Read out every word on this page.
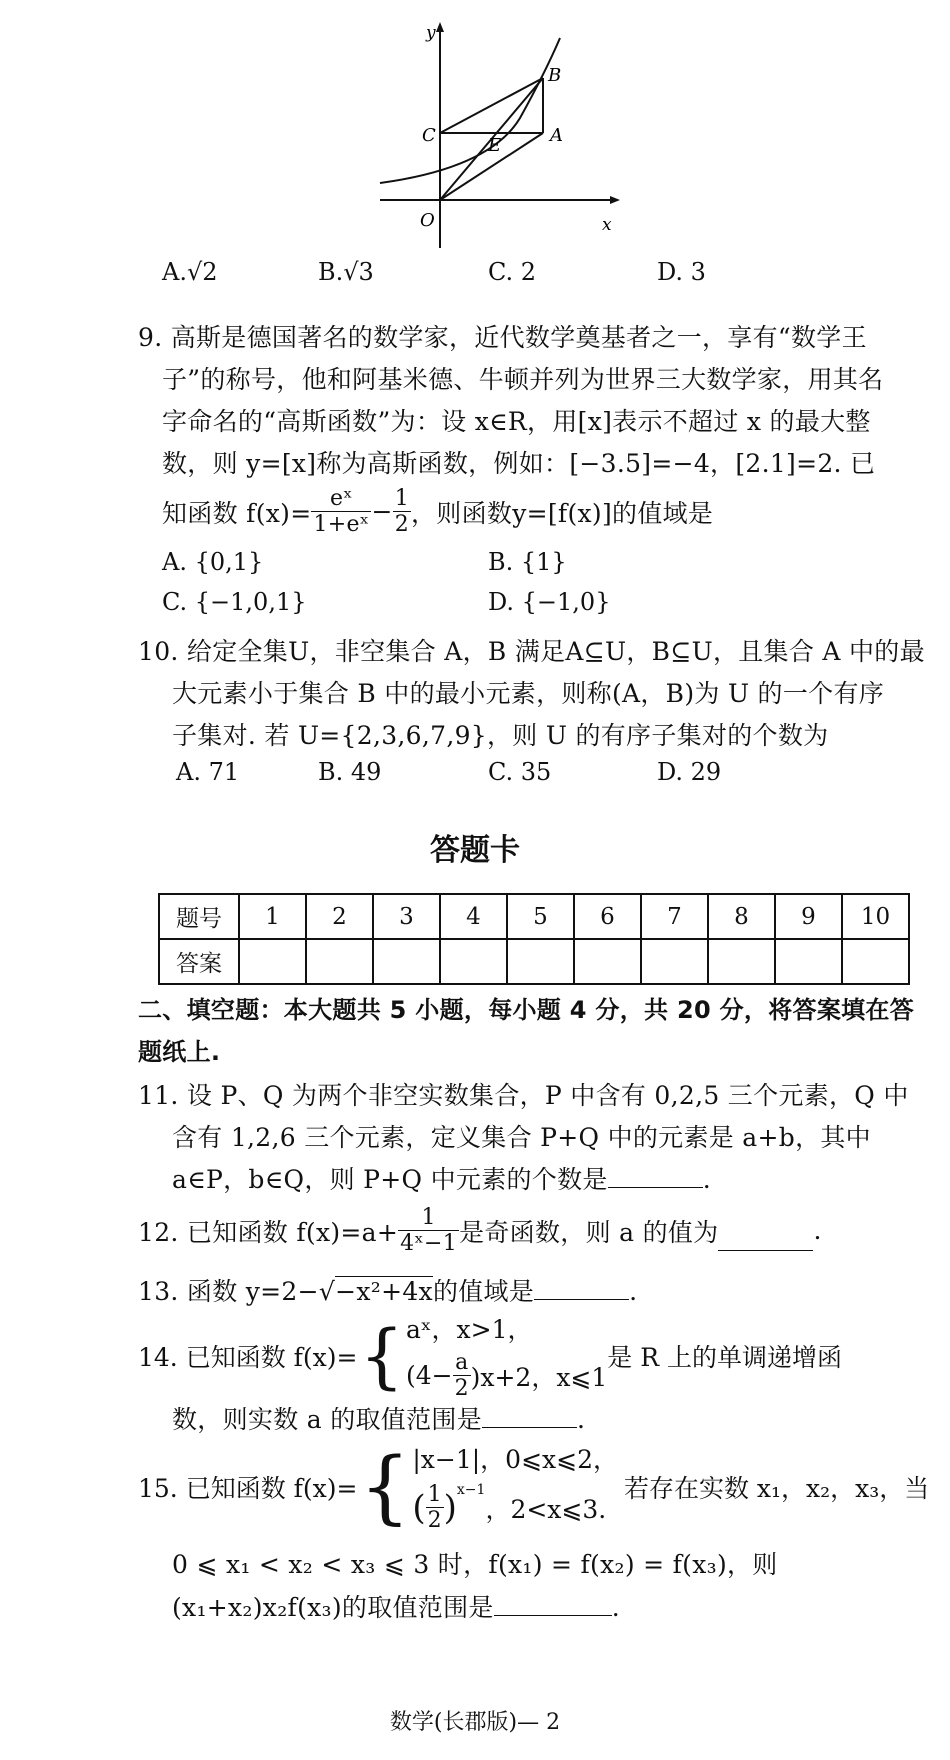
y
x
O
A
B
C	E
A.√2	B.√3	C. 2	D. 3
9. 高斯是德国著名的数学家，近代数学奠基者之一，享有“数学王
子”的称号，他和阿基米德、牛顿并列为世界三大数学家，用其名
字命名的“高斯函数”为：设 x∈R，用[x]表示不超过 x 的最大整
数，则 y=[x]称为高斯函数，例如：[−3.5]=−4，[2.1]=2. 已
知函数 $f(x)= \frac{\text{eˣ}}{\text{1+eˣ}} - \frac{1}{2}$ ，则函数y=[f(x)]的值域是
A. {0,1}	B. {1}
C. {−1,0,1}	D. {−1,0}
10. 给定全集U，非空集合 A，B 满足A⊆U，B⊆U，且集合 A 中的最
大元素小于集合 B 中的最小元素，则称(A，B)为 U 的一个有序
子集对. 若 U={2,3,6,7,9}，则 U 的有序子集对的个数为
A. 71	B. 49	C. 35	D. 29
答题卡
题号	1	2	3	4	5	6	7	8	9	10
答案										
二、填空题：本大题共 5 小题，每小题 4 分，共 20 分，将答案填在答
题纸上.
11. 设 P、Q 为两个非空实数集合，P 中含有 0,2,5 三个元素，Q 中
含有 1,2,6 三个元素，定义集合 P+Q 中的元素是 a+b，其中
a∈P，b∈Q，则 P+Q 中元素的个数是	.
12. 已知函数 $f(x)=a+ \frac{1}{\text{4ˣ−1}}$ 是奇函数，则 a 的值为	.
13. 函数 y=2−√−x²+4x的值域是	.
14. 已知函数 f(x)= { aˣ，x>1，
$(4- \frac{a}{2} )x+2$，x⩽1
是 R 上的单调递增函
数，则实数 a 的取值范围是	.
15. 已知函数 f(x)= { |x−1|，0⩽x⩽2，
( $\frac{1}{2}$ ) x−1
，2<x⩽3.
若存在实数 x₁，x₂，x₃，当
0 ⩽ x₁ < x₂ < x₃ ⩽ 3 时，f(x₁) = f(x₂) = f(x₃)，则
(x₁+x₂)x₂f(x₃)的取值范围是	.
数学(长郡版)— 2
